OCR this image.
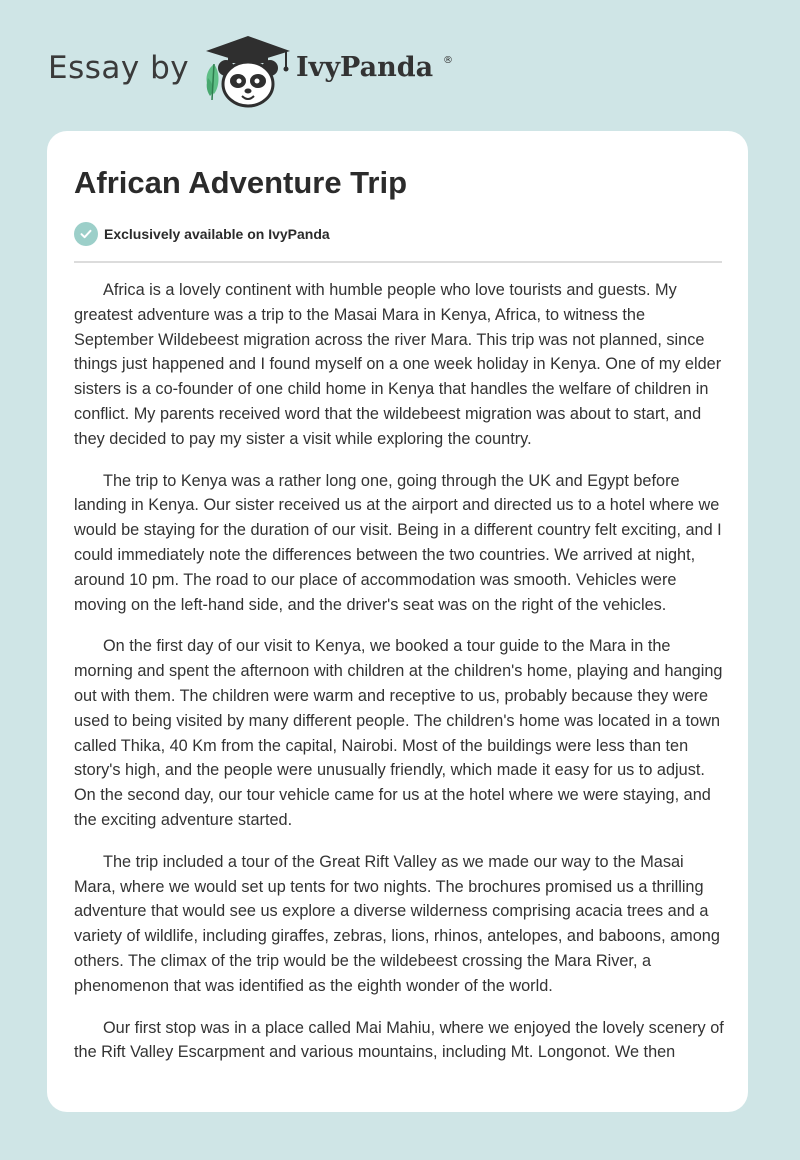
Essay by	IvyPanda ®
African Adventure Trip
Exclusively available on IvyPanda

Africa is a lovely continent with humble people who love tourists and guests. My greatest adventure was a trip to the Masai Mara in Kenya, Africa, to witness the September Wildebeest migration across the river Mara. This trip was not planned, since things just happened and I found myself on a one week holiday in Kenya. One of my elder sisters is a co-founder of one child home in Kenya that handles the welfare of children in conflict. My parents received word that the wildebeest migration was about to start, and they decided to pay my sister a visit while exploring the country.

The trip to Kenya was a rather long one, going through the UK and Egypt before landing in Kenya. Our sister received us at the airport and directed us to a hotel where we would be staying for the duration of our visit. Being in a different country felt exciting, and I could immediately note the differences between the two countries. We arrived at night, around 10 pm. The road to our place of accommodation was smooth. Vehicles were moving on the left-hand side, and the driver's seat was on the right of the vehicles.

On the first day of our visit to Kenya, we booked a tour guide to the Mara in the morning and spent the afternoon with children at the children's home, playing and hanging out with them. The children were warm and receptive to us, probably because they were used to being visited by many different people. The children's home was located in a town called Thika, 40 Km from the capital, Nairobi. Most of the buildings were less than ten story's high, and the people were unusually friendly, which made it easy for us to adjust. On the second day, our tour vehicle came for us at the hotel where we were staying, and the exciting adventure started.

The trip included a tour of the Great Rift Valley as we made our way to the Masai Mara, where we would set up tents for two nights. The brochures promised us a thrilling adventure that would see us explore a diverse wilderness comprising acacia trees and a variety of wildlife, including giraffes, zebras, lions, rhinos, antelopes, and baboons, among others. The climax of the trip would be the wildebeest crossing the Mara River, a phenomenon that was identified as the eighth wonder of the world.

Our first stop was in a place called Mai Mahiu, where we enjoyed the lovely scenery of the Rift Valley Escarpment and various mountains, including Mt. Longonot. We then
